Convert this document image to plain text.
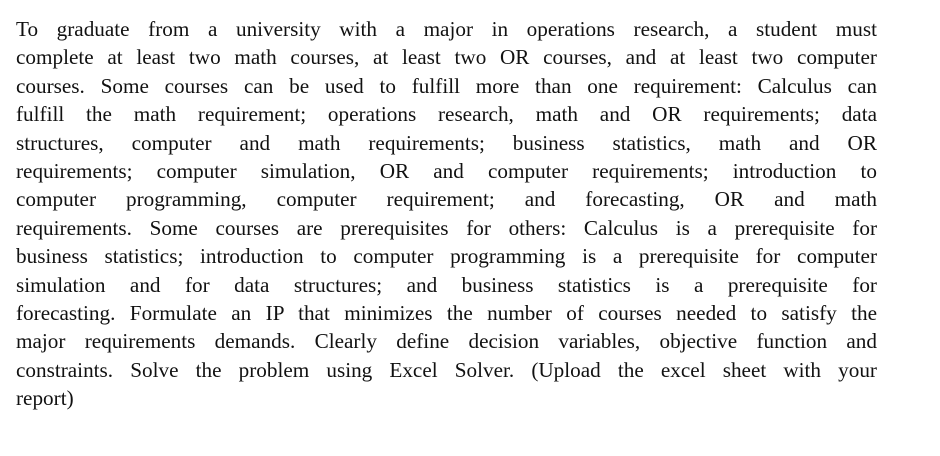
To graduate from a university with a major in operations research, a student must
complete at least two math courses, at least two OR courses, and at least two computer
courses. Some courses can be used to fulfill more than one requirement: Calculus can
fulfill the math requirement; operations research, math and OR requirements; data
structures, computer and math requirements; business statistics, math and OR
requirements; computer simulation, OR and computer requirements; introduction to
computer programming, computer requirement; and forecasting, OR and math
requirements. Some courses are prerequisites for others: Calculus is a prerequisite for
business statistics; introduction to computer programming is a prerequisite for computer
simulation and for data structures; and business statistics is a prerequisite for
forecasting. Formulate an IP that minimizes the number of courses needed to satisfy the
major requirements demands. Clearly define decision variables, objective function and
constraints. Solve the problem using Excel Solver. (Upload the excel sheet with your
report)
